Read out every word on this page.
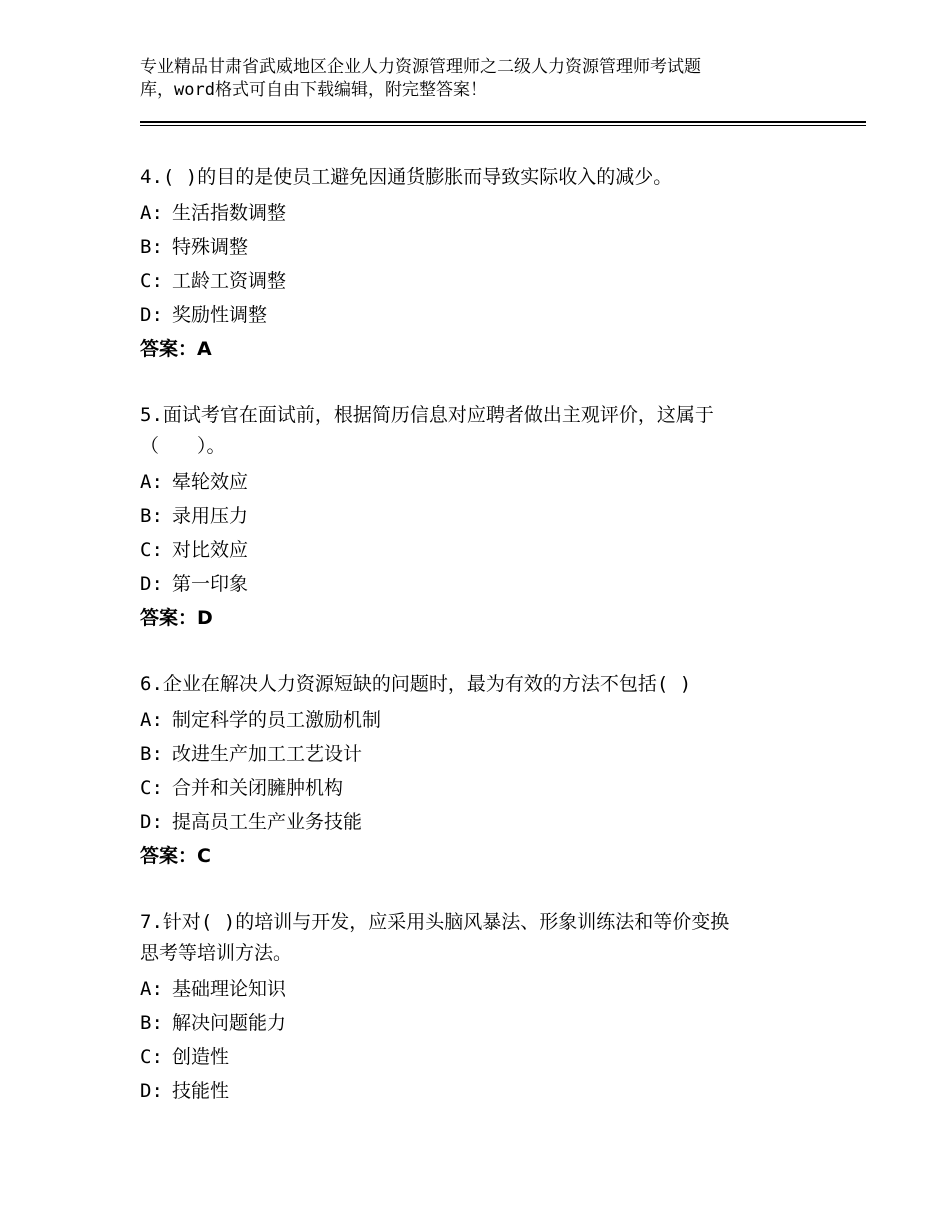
专业精品甘肃省武威地区企业人力资源管理师之二级人力资源管理师考试题
库，word格式可自由下载编辑，附完整答案！
4.( )的目的是使员工避免因通货膨胀而导致实际收入的减少。
A: 生活指数调整
B: 特殊调整
C: 工龄工资调整
D: 奖励性调整
答案：A
5.面试考官在面试前，根据简历信息对应聘者做出主观评价，这属于
（　　）。
A: 晕轮效应
B: 录用压力
C: 对比效应
D: 第一印象
答案：D
6.企业在解决人力资源短缺的问题时，最为有效的方法不包括( )
A: 制定科学的员工激励机制
B: 改进生产加工工艺设计
C: 合并和关闭臃肿机构
D: 提高员工生产业务技能
答案：C
7.针对( )的培训与开发，应采用头脑风暴法、形象训练法和等价变换
思考等培训方法。
A: 基础理论知识
B: 解决问题能力
C: 创造性
D: 技能性
